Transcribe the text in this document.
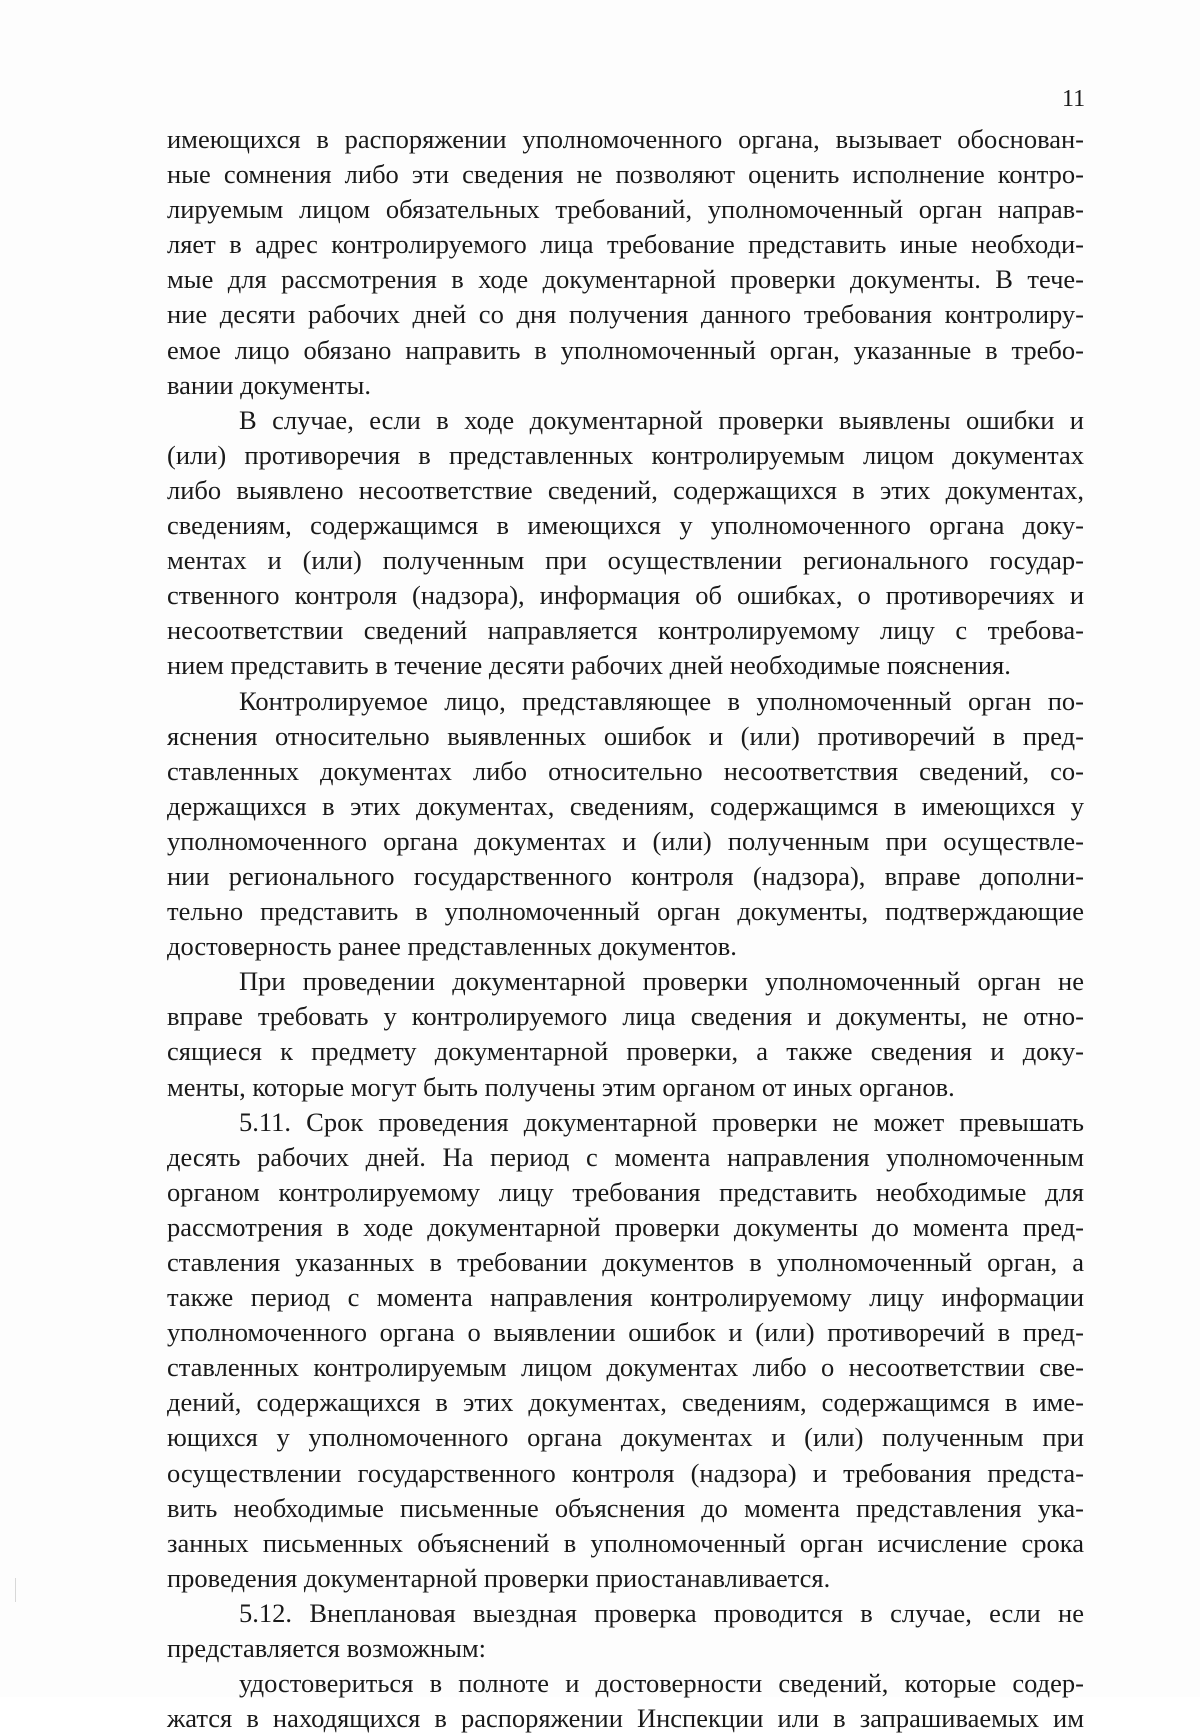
11
имеющихся в распоряжении уполномоченного органа, вызывает обоснован-
ные сомнения либо эти сведения не позволяют оценить исполнение контро-
лируемым лицом обязательных требований, уполномоченный орган направ-
ляет в адрес контролируемого лица требование представить иные необходи-
мые для рассмотрения в ходе документарной проверки документы. В тече-
ние десяти рабочих дней со дня получения данного требования контролиру-
емое лицо обязано направить в уполномоченный орган, указанные в требо-
вании документы.
В случае, если в ходе документарной проверки выявлены ошибки и
(или) противоречия в представленных контролируемым лицом документах
либо выявлено несоответствие сведений, содержащихся в этих документах,
сведениям, содержащимся в имеющихся у уполномоченного органа доку-
ментах и (или) полученным при осуществлении регионального государ-
ственного контроля (надзора), информация об ошибках, о противоречиях и
несоответствии сведений направляется контролируемому лицу с требова-
нием представить в течение десяти рабочих дней необходимые пояснения.
Контролируемое лицо, представляющее в уполномоченный орган по-
яснения относительно выявленных ошибок и (или) противоречий в пред-
ставленных документах либо относительно несоответствия сведений, со-
держащихся в этих документах, сведениям, содержащимся в имеющихся у
уполномоченного органа документах и (или) полученным при осуществле-
нии регионального государственного контроля (надзора), вправе дополни-
тельно представить в уполномоченный орган документы, подтверждающие
достоверность ранее представленных документов.
При проведении документарной проверки уполномоченный орган не
вправе требовать у контролируемого лица сведения и документы, не отно-
сящиеся к предмету документарной проверки, а также сведения и доку-
менты, которые могут быть получены этим органом от иных органов.
5.11. Срок проведения документарной проверки не может превышать
десять рабочих дней. На период с момента направления уполномоченным
органом контролируемому лицу требования представить необходимые для
рассмотрения в ходе документарной проверки документы до момента пред-
ставления указанных в требовании документов в уполномоченный орган, а
также период с момента направления контролируемому лицу информации
уполномоченного органа о выявлении ошибок и (или) противоречий в пред-
ставленных контролируемым лицом документах либо о несоответствии све-
дений, содержащихся в этих документах, сведениям, содержащимся в име-
ющихся у уполномоченного органа документах и (или) полученным при
осуществлении государственного контроля (надзора) и требования предста-
вить необходимые письменные объяснения до момента представления ука-
занных письменных объяснений в уполномоченный орган исчисление срока
проведения документарной проверки приостанавливается.
5.12. Внеплановая выездная проверка проводится в случае, если не
представляется возможным:
удостовериться в полноте и достоверности сведений, которые содер-
жатся в находящихся в распоряжении Инспекции или в запрашиваемых им
